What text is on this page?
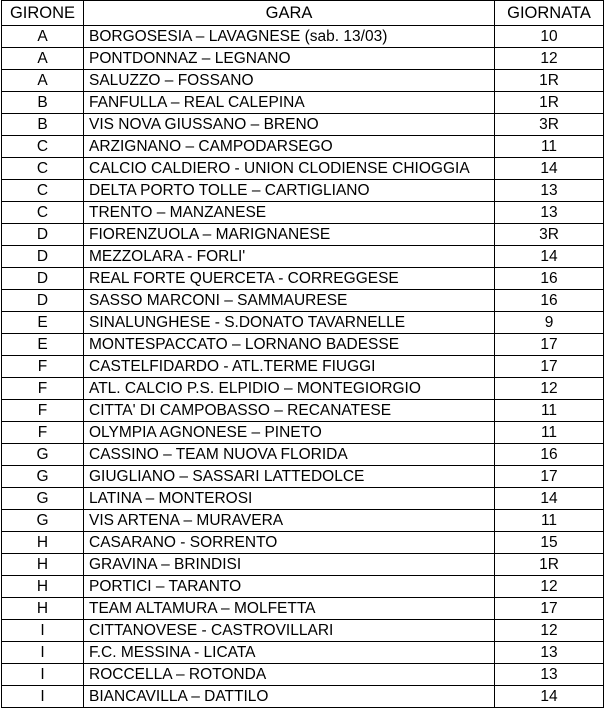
GIRONE	GARA	GIORNATA
A	BORGOSESIA – LAVAGNESE (sab. 13/03)	10
A	PONTDONNAZ – LEGNANO	12
A	SALUZZO – FOSSANO	1R
B	FANFULLA – REAL CALEPINA	1R
B	VIS NOVA GIUSSANO – BRENO	3R
C	ARZIGNANO – CAMPODARSEGO	11
C	CALCIO CALDIERO - UNION CLODIENSE CHIOGGIA	14
C	DELTA PORTO TOLLE – CARTIGLIANO	13
C	TRENTO – MANZANESE	13
D	FIORENZUOLA – MARIGNANESE	3R
D	MEZZOLARA - FORLI'	14
D	REAL FORTE QUERCETA - CORREGGESE	16
D	SASSO MARCONI – SAMMAURESE	16
E	SINALUNGHESE - S.DONATO TAVARNELLE	9
E	MONTESPACCATO – LORNANO BADESSE	17
F	CASTELFIDARDO - ATL.TERME FIUGGI	17
F	ATL. CALCIO P.S. ELPIDIO – MONTEGIORGIO	12
F	CITTA' DI CAMPOBASSO – RECANATESE	11
F	OLYMPIA AGNONESE – PINETO	11
G	CASSINO – TEAM NUOVA FLORIDA	16
G	GIUGLIANO – SASSARI LATTEDOLCE	17
G	LATINA – MONTEROSI	14
G	VIS ARTENA – MURAVERA	11
H	CASARANO - SORRENTO	15
H	GRAVINA – BRINDISI	1R
H	PORTICI – TARANTO	12
H	TEAM ALTAMURA – MOLFETTA	17
I	CITTANOVESE - CASTROVILLARI	12
I	F.C. MESSINA - LICATA	13
I	ROCCELLA – ROTONDA	13
I	BIANCAVILLA – DATTILO	14
